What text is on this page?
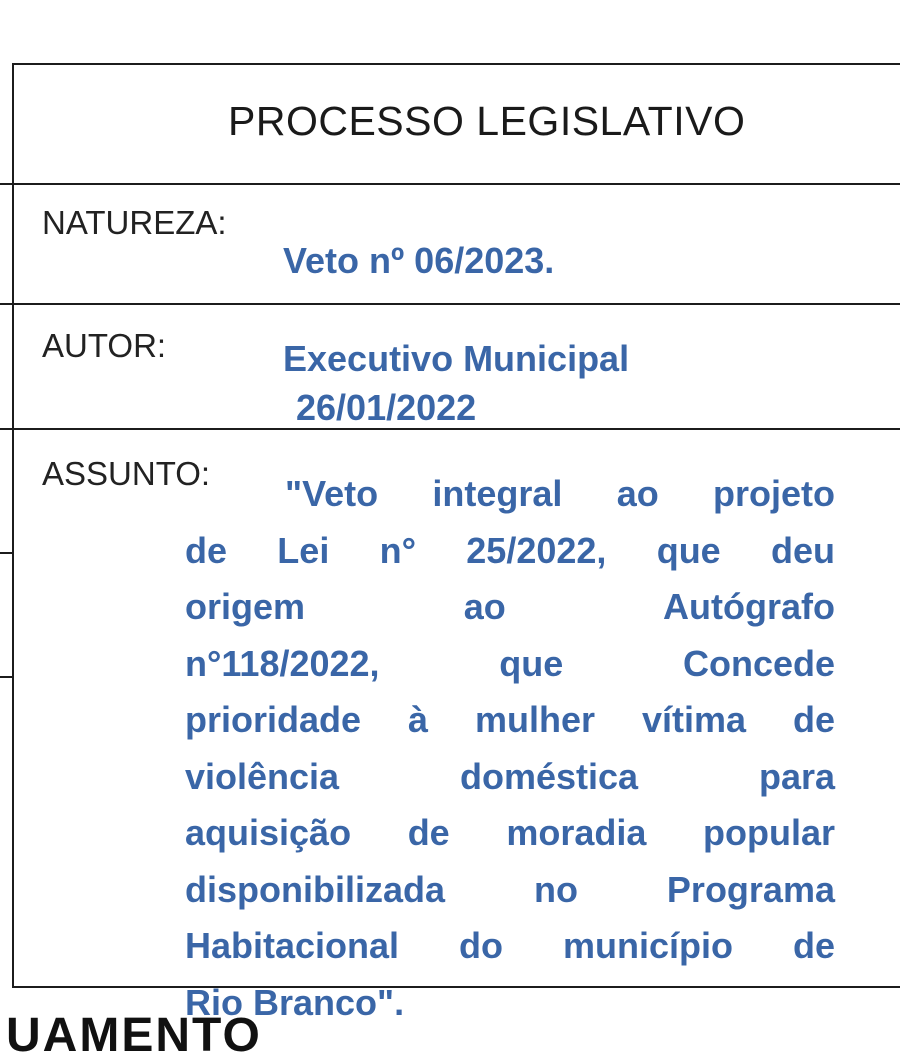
PROCESSO LEGISLATIVO
NATUREZA:
Veto nº 06/2023.
AUTOR:	Executivo Municipal
26/01/2022
ASSUNTO:	"Veto integral ao projeto
de Lei n° 25/2022, que deu
origem ao Autógrafo
n°118/2022, que Concede
prioridade à mulher vítima de
violência doméstica para
aquisição de moradia popular
disponibilizada no Programa
Habitacional do município de
Rio Branco".
UAMENTO
